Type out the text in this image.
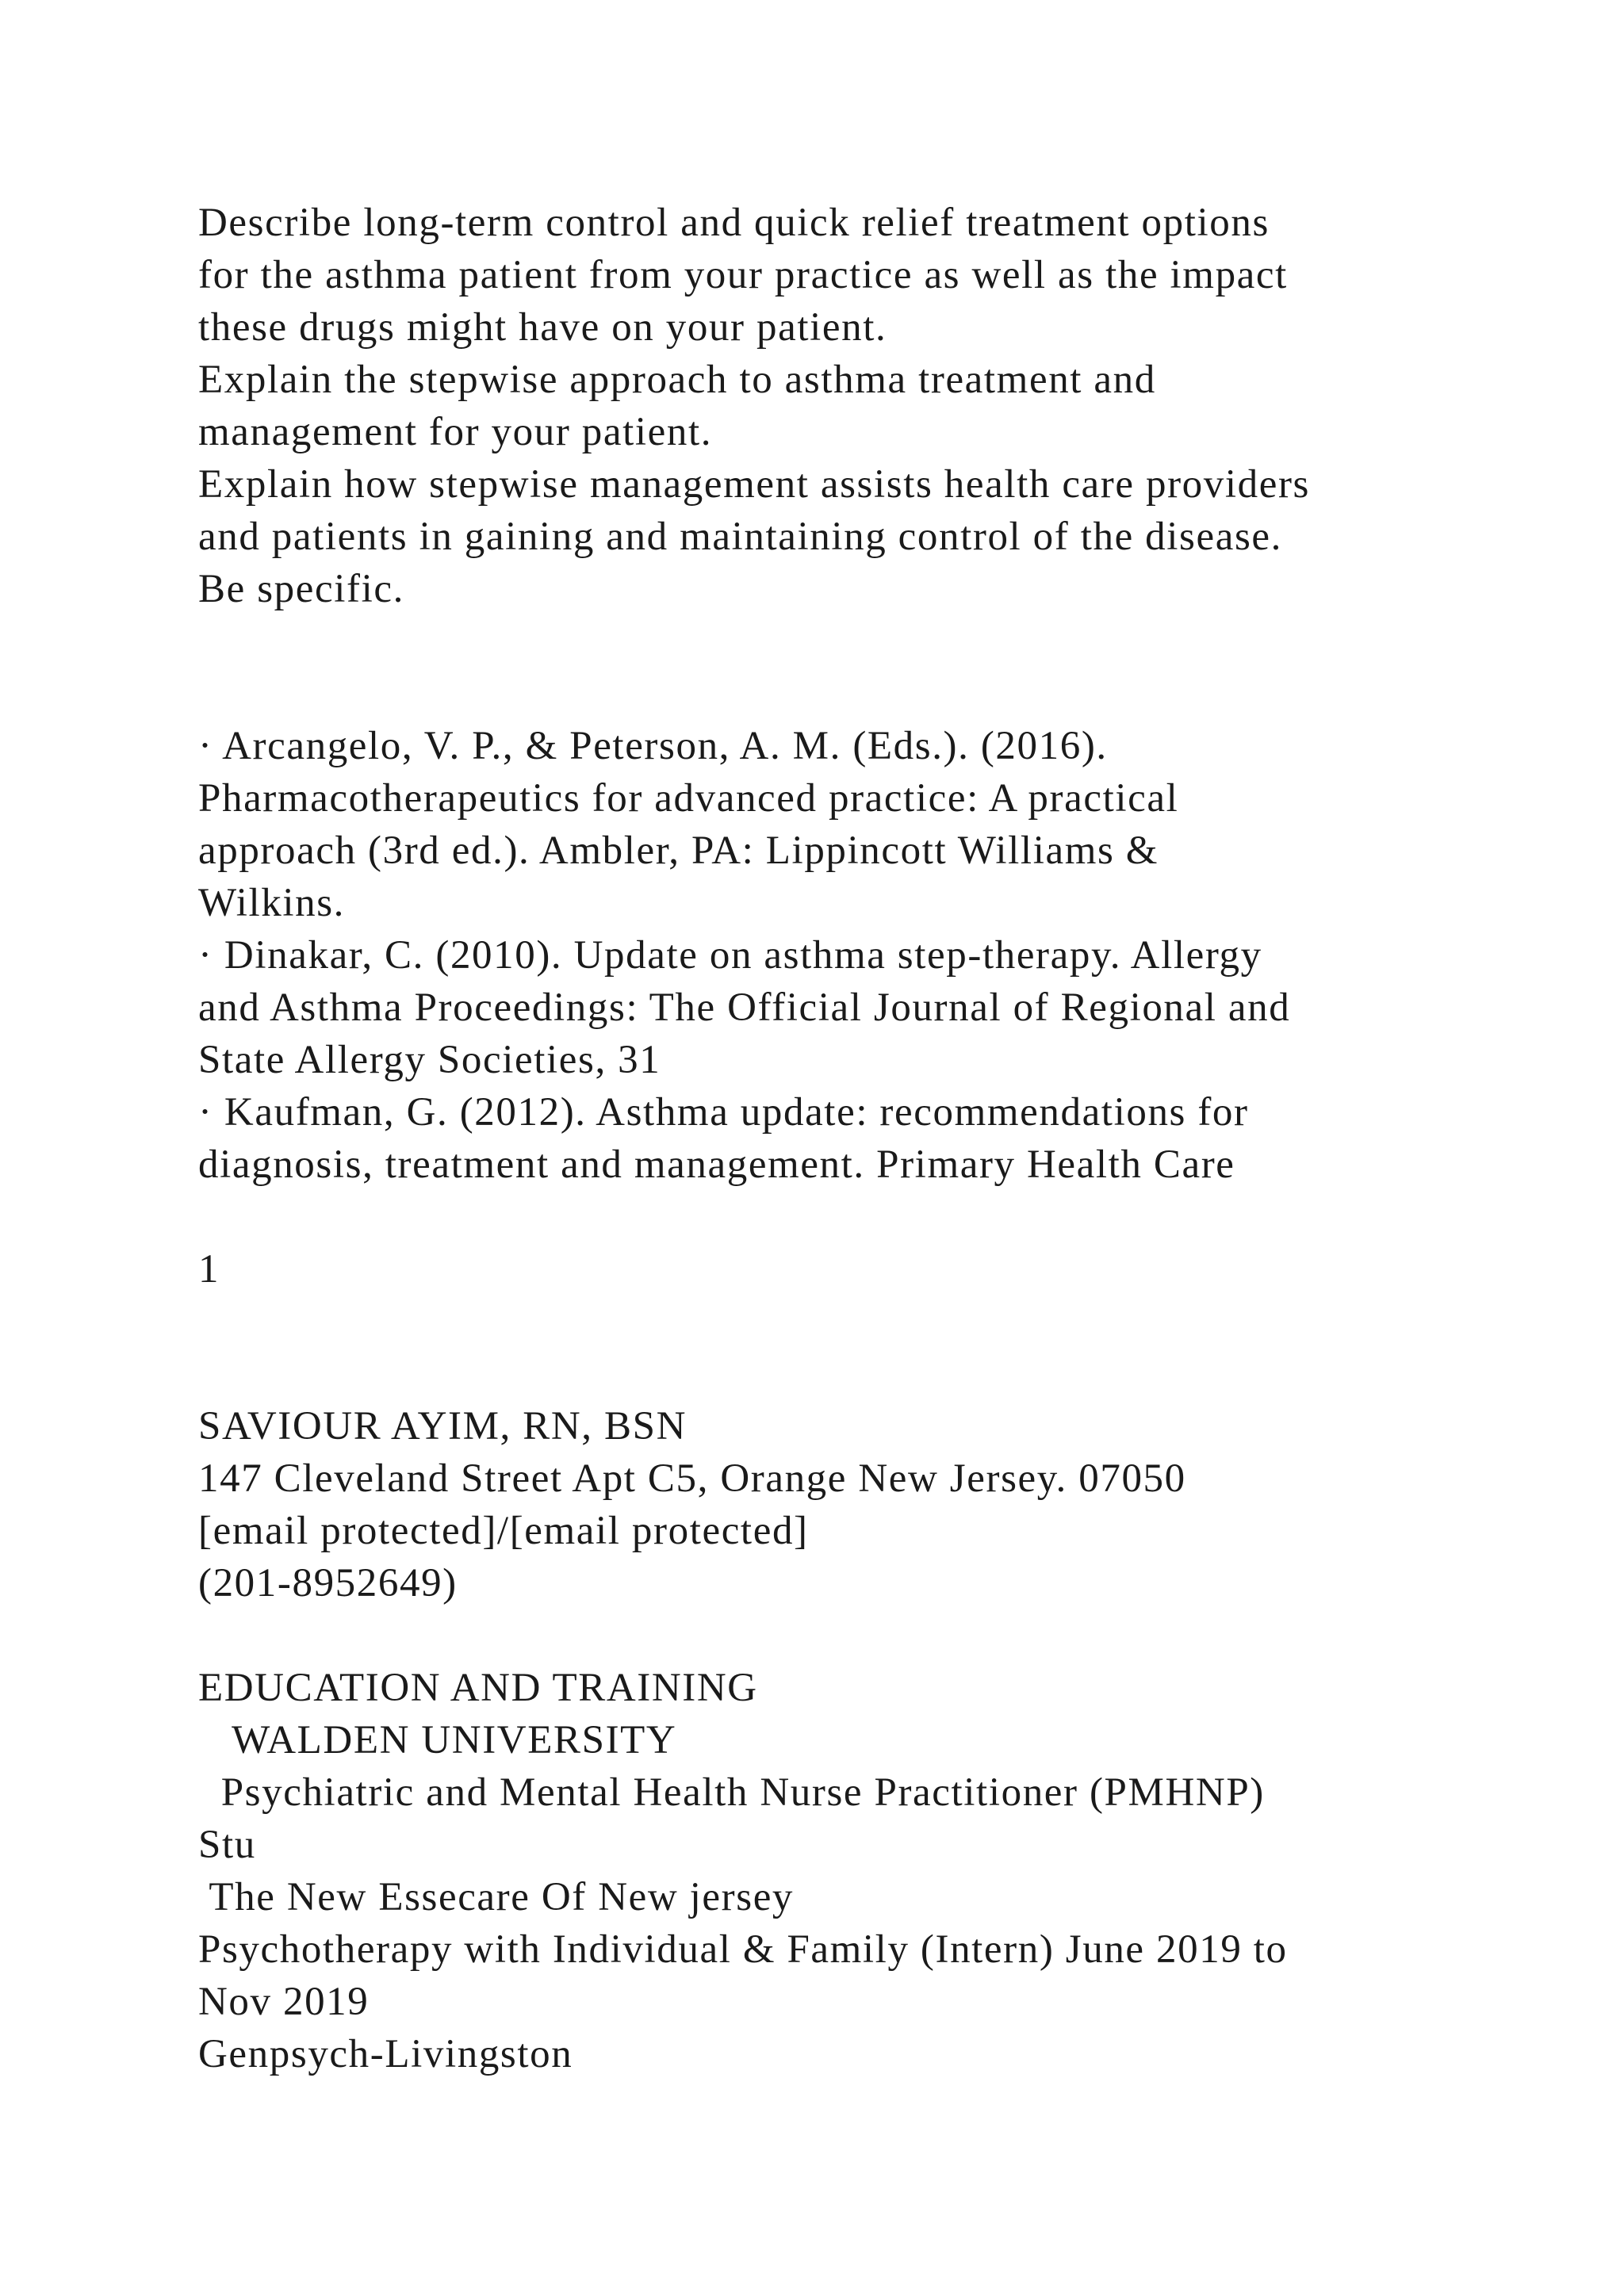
Describe long-term control and quick relief treatment options
for the asthma patient from your practice as well as the impact
these drugs might have on your patient.
Explain the stepwise approach to asthma treatment and
management for your patient.
Explain how stepwise management assists health care providers
and patients in gaining and maintaining control of the disease.
Be specific.
· Arcangelo, V. P., & Peterson, A. M. (Eds.). (2016).
Pharmacotherapeutics for advanced practice: A practical
approach (3rd ed.). Ambler, PA: Lippincott Williams &
Wilkins.
· Dinakar, C. (2010). Update on asthma step-therapy. Allergy
and Asthma Proceedings: The Official Journal of Regional and
State Allergy Societies, 31
· Kaufman, G. (2012). Asthma update: recommendations for
diagnosis, treatment and management. Primary Health Care
1
SAVIOUR AYIM, RN, BSN
147 Cleveland Street Apt C5, Orange New Jersey. 07050
[email protected]/[email protected]
(201-8952649)
EDUCATION AND TRAINING
WALDEN UNIVERSITY
Psychiatric and Mental Health Nurse Practitioner (PMHNP)
Stu
The New Essecare Of New jersey
Psychotherapy with Individual & Family (Intern) June 2019 to
Nov 2019
Genpsych-Livingston
